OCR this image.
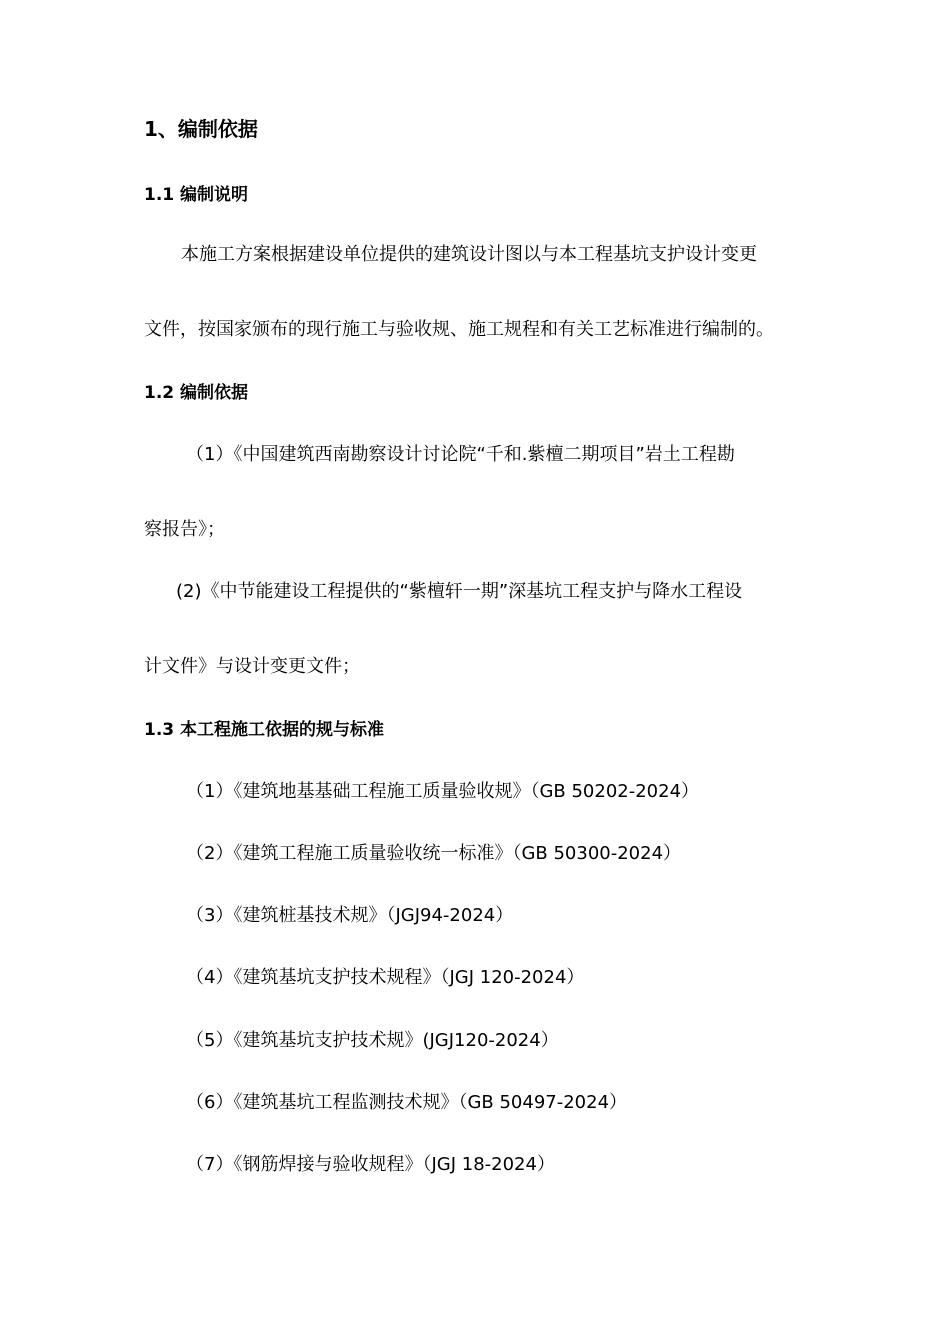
1、编制依据
1.1 编制说明

本施工方案根据建设单位提供的建筑设计图以与本工程基坑支护设计变更

文件，按国家颁布的现行施工与验收规、施工规程和有关工艺标准进行编制的。

1.2 编制依据

（1）《中国建筑西南勘察设计讨论院“千和.紫檀二期项目”岩土工程勘

察报告》；

(2)《中节能建设工程提供的“紫檀轩一期”深基坑工程支护与降水工程设

计文件》与设计变更文件；

1.3 本工程施工依据的规与标准

（1）《建筑地基基础工程施工质量验收规》（GB 50202-2024）

（2）《建筑工程施工质量验收统一标准》（GB 50300-2024）

（3）《建筑桩基技术规》（JGJ94-2024）

（4）《建筑基坑支护技术规程》（JGJ 120-2024）

（5）《建筑基坑支护技术规》(JGJ120-2024）

（6）《建筑基坑工程监测技术规》（GB 50497-2024）

（7）《钢筋焊接与验收规程》（JGJ 18-2024）
